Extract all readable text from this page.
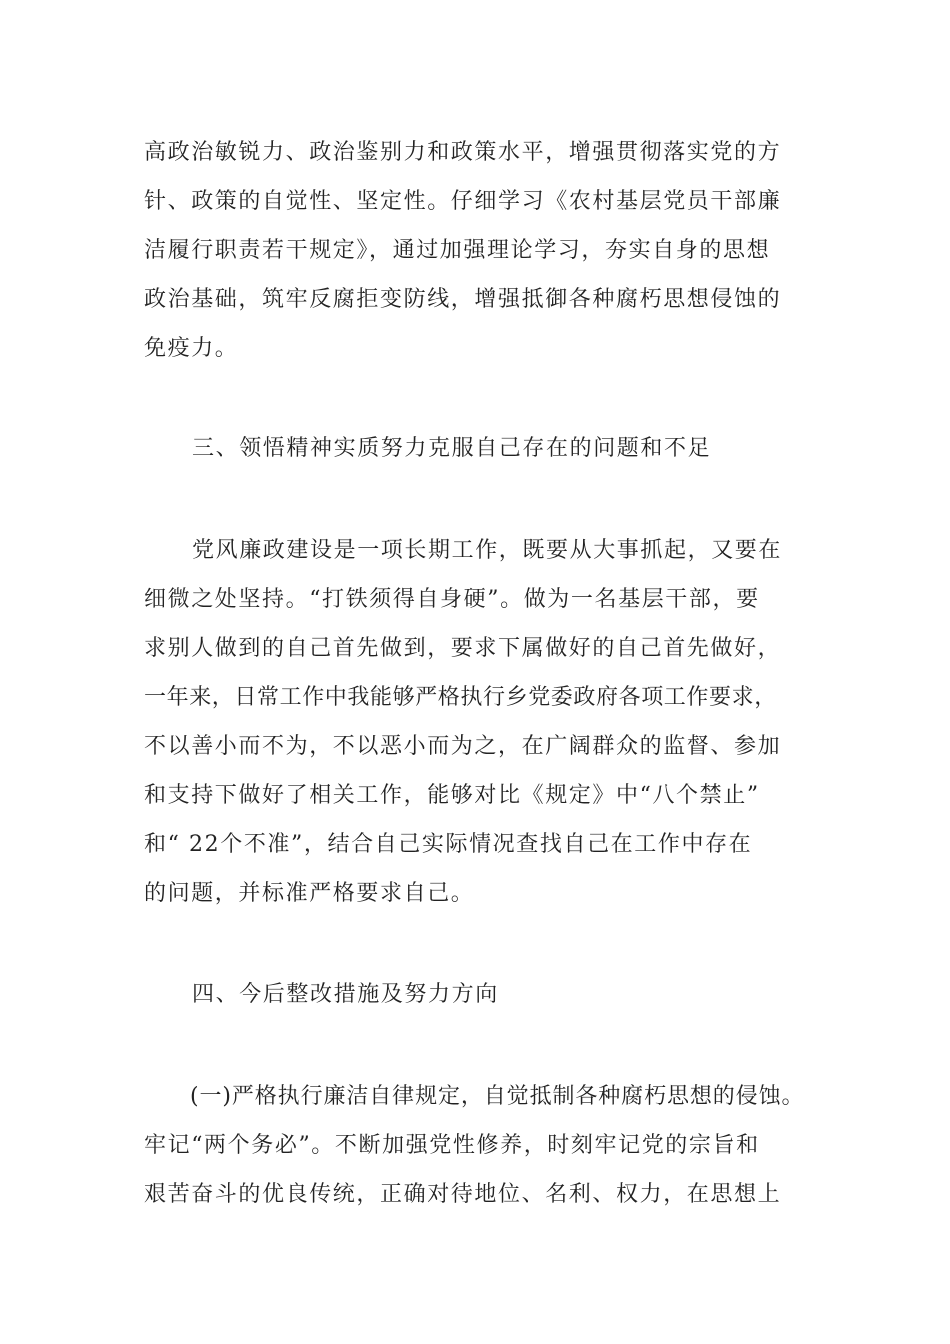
高政治敏锐力、政治鉴别力和政策水平，增强贯彻落实党的方
针、政策的自觉性、坚定性。仔细学习《农村基层党员干部廉
洁履行职责若干规定》，通过加强理论学习，夯实自身的思想
政治基础，筑牢反腐拒变防线，增强抵御各种腐朽思想侵蚀的
免疫力。
三、领悟精神实质努力克服自己存在的问题和不足
党风廉政建设是一项长期工作，既要从大事抓起，又要在
细微之处坚持。“打铁须得自身硬”。做为一名基层干部，要
求别人做到的自己首先做到，要求下属做好的自己首先做好，
一年来，日常工作中我能够严格执行乡党委政府各项工作要求，
不以善小而不为，不以恶小而为之，在广阔群众的监督、参加
和支持下做好了相关工作，能够对比《规定》中“八个禁止”
和“ 22个不准”，结合自己实际情况查找自己在工作中存在
的问题，并标准严格要求自己。
四、今后整改措施及努力方向
(一)严格执行廉洁自律规定，自觉抵制各种腐朽思想的侵蚀。
牢记“两个务必”。不断加强党性修养，时刻牢记党的宗旨和
艰苦奋斗的优良传统，正确对待地位、名利、权力，在思想上
